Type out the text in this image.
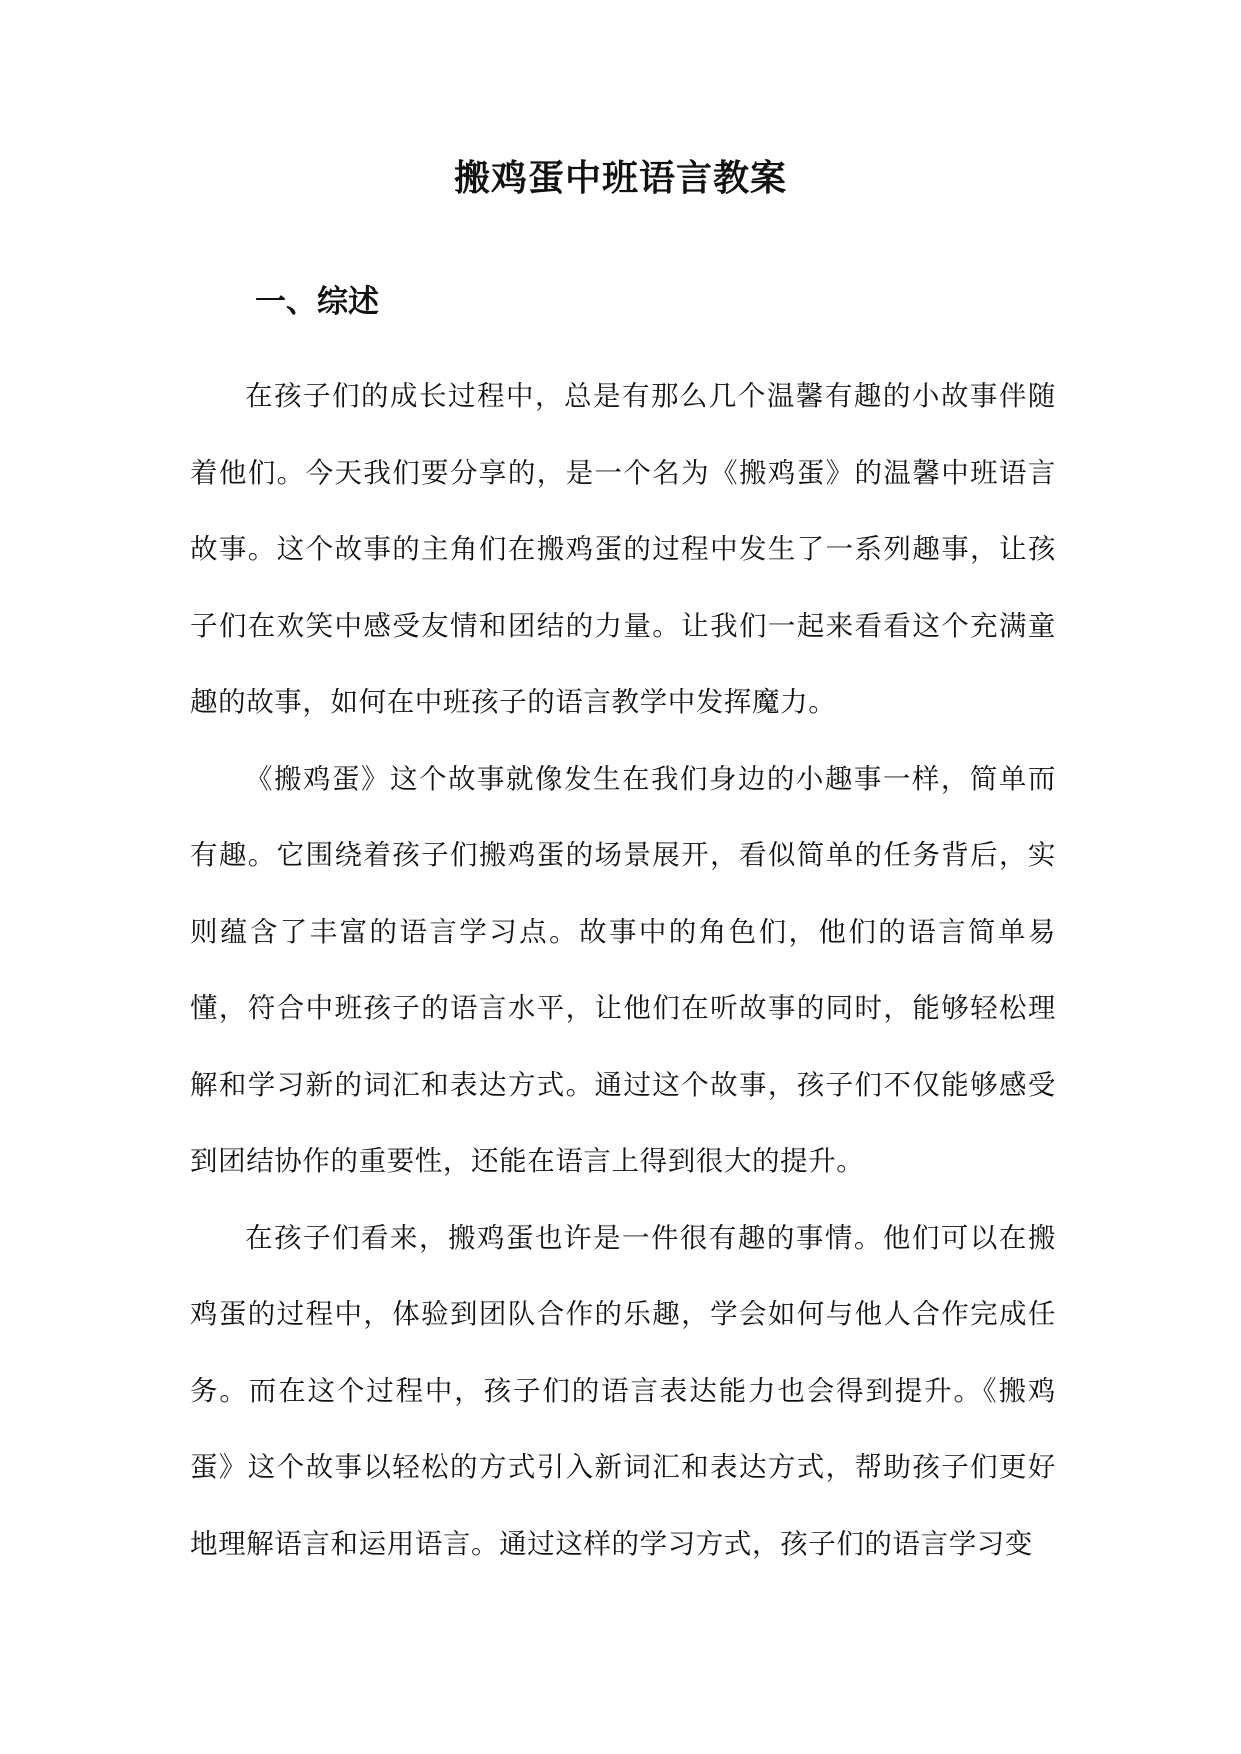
搬鸡蛋中班语言教案
一、综述

在孩子们的成长过程中，总是有那么几个温馨有趣的小故事伴随着他们。今天我们要分享的，是一个名为《搬鸡蛋》的温馨中班语言故事。这个故事的主角们在搬鸡蛋的过程中发生了一系列趣事，让孩子们在欢笑中感受友情和团结的力量。让我们一起来看看这个充满童趣的故事，如何在中班孩子的语言教学中发挥魔力。

《搬鸡蛋》这个故事就像发生在我们身边的小趣事一样，简单而有趣。它围绕着孩子们搬鸡蛋的场景展开，看似简单的任务背后，实则蕴含了丰富的语言学习点。故事中的角色们，他们的语言简单易懂，符合中班孩子的语言水平，让他们在听故事的同时，能够轻松理解和学习新的词汇和表达方式。通过这个故事，孩子们不仅能够感受到团结协作的重要性，还能在语言上得到很大的提升。

在孩子们看来，搬鸡蛋也许是一件很有趣的事情。他们可以在搬鸡蛋的过程中，体验到团队合作的乐趣，学会如何与他人合作完成任务。而在这个过程中，孩子们的语言表达能力也会得到提升。《搬鸡蛋》这个故事以轻松的方式引入新词汇和表达方式，帮助孩子们更好地理解语言和运用语言。通过这样的学习方式，孩子们的语言学习变
